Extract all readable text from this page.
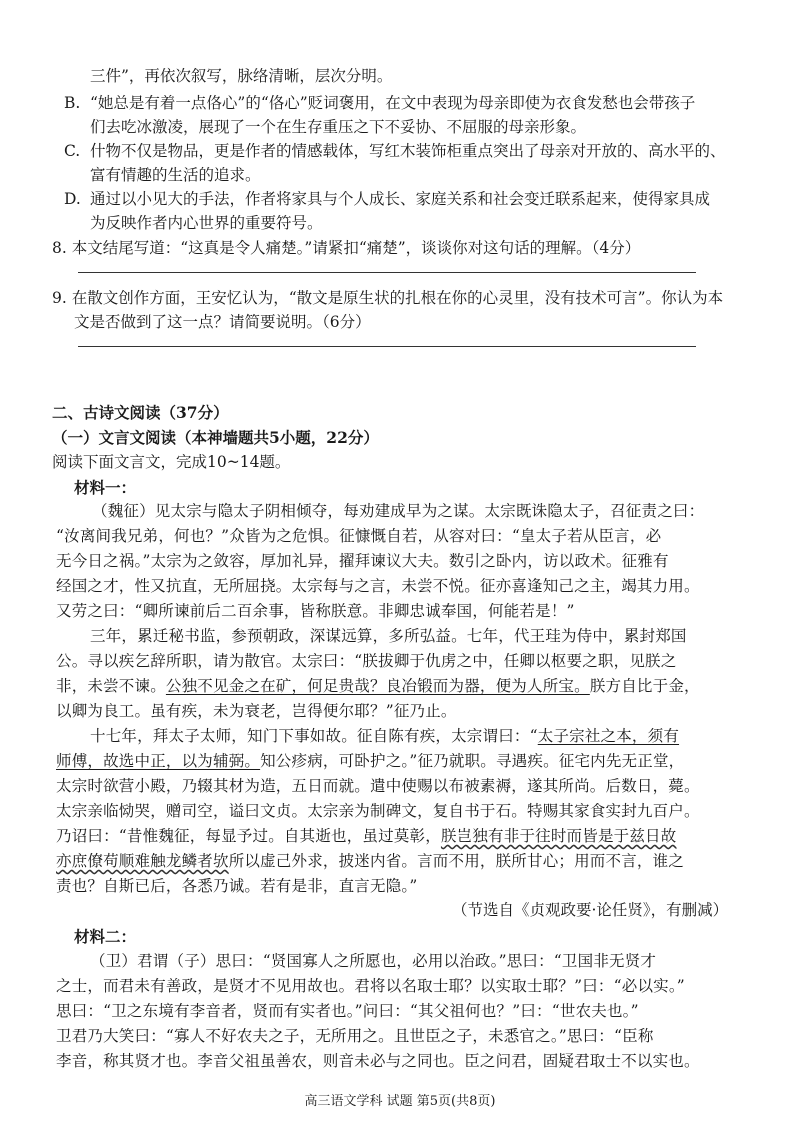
三件”，再依次叙写，脉络清晰，层次分明。
B. “她总是有着一点佫心”的“佫心”贬词褒用，在文中表现为母亲即使为衣食发愁也会带孩子
们去吃冰激凌，展现了一个在生存重压之下不妥协、不屈服的母亲形象。
C. 什物不仅是物品，更是作者的情感载体，写红木装饰柜重点突出了母亲对开放的、高水平的、
富有情趣的生活的追求。
D. 通过以小见大的手法，作者将家具与个人成长、家庭关系和社会变迁联系起来，使得家具成
为反映作者内心世界的重要符号。
8. 本文结尾写道：“这真是令人痛楚。”请紧扣“痛楚”，谈谈你对这句话的理解。（4分）
9. 在散文创作方面，王安忆认为，“散文是原生状的扎根在你的心灵里，没有技术可言”。你认为本
文是否做到了这一点？请简要说明。（6分）
二、古诗文阅读（37分）
（一）文言文阅读（本神墙题共5小题，22分）
阅读下面文言文，完成10~14题。
材料一：
（魏征）见太宗与隐太子阴相倾夺，每劝建成早为之谋。太宗既诛隐太子，召征责之曰：
“汝离间我兄弟，何也？”众皆为之危惧。征慷慨自若，从容对曰：“皇太子若从臣言，必
无今日之祸。”太宗为之敛容，厚加礼异，擢拜谏议大夫。数引之卧内，访以政术。征雅有
经国之才，性又抗直，无所屈挠。太宗每与之言，未尝不悦。征亦喜逢知己之主，竭其力用。
又劳之曰：“卿所谏前后二百余事，皆称朕意。非卿忠诚奉国，何能若是！”
三年，累迁秘书监，参预朝政，深谋远算，多所弘益。七年，代王珪为侍中，累封郑国
公。寻以疾乞辞所职，请为散官。太宗曰：“朕拔卿于仇虏之中，任卿以枢要之职，见朕之
非，未尝不谏。公独不见金之在矿，何足贵哉？良冶锻而为器，便为人所宝。朕方自比于金，
以卿为良工。虽有疾，未为衰老，岂得便尔耶？”征乃止。
十七年，拜太子太师，知门下事如故。征自陈有疾，太宗谓曰：“太子宗社之本，须有
师傅，故选中正，以为辅弼。知公疹病，可卧护之。”征乃就职。寻遇疾。征宅内先无正堂，
太宗时欲营小殿，乃辍其材为造，五日而就。遣中使赐以布被素褥，遂其所尚。后数日，薨。
太宗亲临恸哭，赠司空，谥曰文贞。太宗亲为制碑文，复自书于石。特赐其家食实封九百户。
乃诏曰：“昔惟魏征，每显予过。自其逝也，虽过莫彰，朕岂独有非于往时而皆是于兹日故
亦庶僚苟顺难触龙鳞者欤所以虚己外求，披迷内省。言而不用，朕所甘心；用而不言，谁之
责也？自斯已后，各悉乃诚。若有是非，直言无隐。”
（节选自《贞观政要·论任贤》，有删减）
材料二：
（卫）君谓（子）思曰：“贤国寡人之所愿也，必用以治政。”思曰：“卫国非无贤才
之士，而君未有善政，是贤才不见用故也。君将以名取士耶？以实取士耶？”曰：“必以实。”
思曰：“卫之东境有李音者，贤而有实者也。”问曰：“其父祖何也？”曰：“世农夫也。”
卫君乃大笑曰：“寡人不好农夫之子，无所用之。且世臣之子，未悉官之。”思曰：“臣称
李音，称其贤才也。李音父祖虽善农，则音未必与之同也。臣之问君，固疑君取士不以实也。
高三语文学科 试题 第5页(共8页)
